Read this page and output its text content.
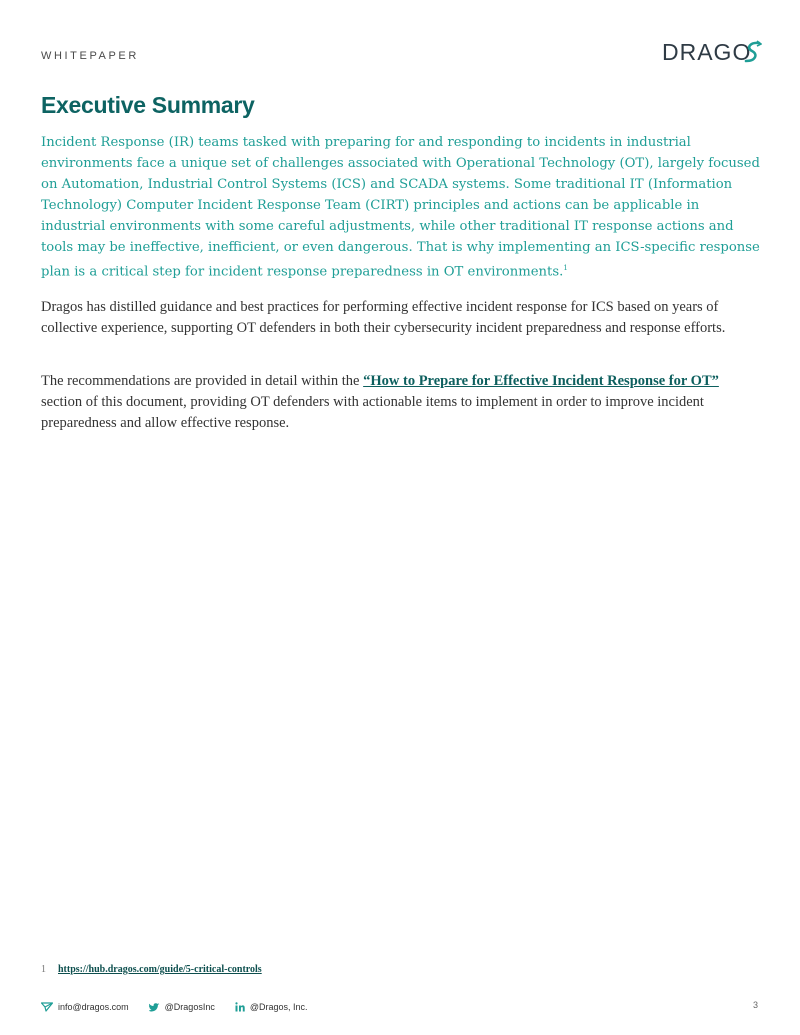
WHITEPAPER	DRAGO
Executive Summary

Incident Response (IR) teams tasked with preparing for and responding to incidents in industrial environments face a unique set of challenges associated with Operational Technology (OT), largely focused on Automation, Industrial Control Systems (ICS) and SCADA systems. Some traditional IT (Information Technology) Computer Incident Response Team (CIRT) principles and actions can be applicable in industrial environments with some careful adjustments, while other traditional IT response actions and tools may be ineffective, inefficient, or even dangerous. That is why implementing an ICS-specific response plan is a critical step for incident response preparedness in OT environments.$^1$

Dragos has distilled guidance and best practices for performing effective incident response for ICS based on years of collective experience, supporting OT defenders in both their cybersecurity incident preparedness and response efforts.

The recommendations are provided in detail within the “How to Prepare for Effective Incident Response for OT” section of this document, providing OT defenders with actionable items to implement in order to improve incident preparedness and allow effective response.

1 https://hub.dragos.com/guide/5-critical-controls
info@dragos.com	@DragosInc	@Dragos, Inc.	3
